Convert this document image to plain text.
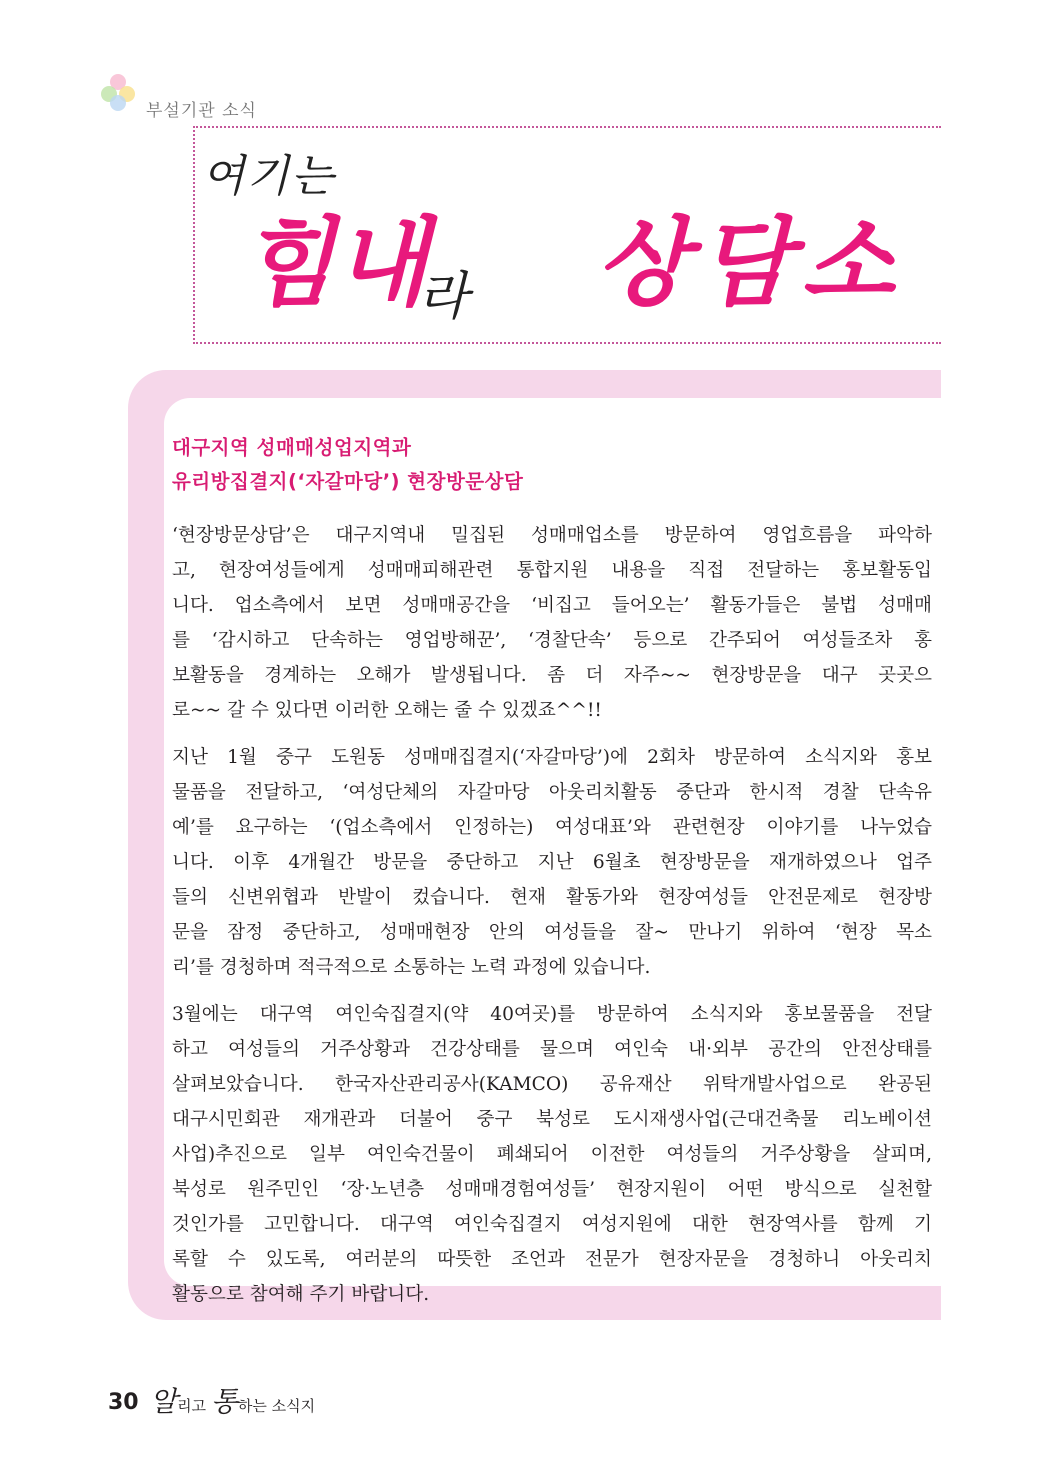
부설기관 소식
여기는
힘내
라 상담소
대구지역 성매매성업지역과
유리방집결지(‘자갈마당’) 현장방문상담
‘현장방문상담’은 대구지역내 밀집된 성매매업소를 방문하여 영업흐름을 파악하
고, 현장여성들에게 성매매피해관련 통합지원 내용을 직접 전달하는 홍보활동입
니다. 업소측에서 보면 성매매공간을 ‘비집고 들어오는’ 활동가들은 불법 성매매
를 ‘감시하고 단속하는 영업방해꾼’, ‘경찰단속’ 등으로 간주되어 여성들조차 홍
보활동을 경계하는 오해가 발생됩니다. 좀 더 자주~~ 현장방문을 대구 곳곳으
로~~ 갈 수 있다면 이러한 오해는 줄 수 있겠죠^^!!
지난 1월 중구 도원동 성매매집결지(‘자갈마당’)에 2회차 방문하여 소식지와 홍보
물품을 전달하고, ‘여성단체의 자갈마당 아웃리치활동 중단과 한시적 경찰 단속유
예’를 요구하는 ‘(업소측에서 인정하는) 여성대표’와 관련현장 이야기를 나누었습
니다. 이후 4개월간 방문을 중단하고 지난 6월초 현장방문을 재개하였으나 업주
들의 신변위협과 반발이 컸습니다. 현재 활동가와 현장여성들 안전문제로 현장방
문을 잠정 중단하고, 성매매현장 안의 여성들을 잘~ 만나기 위하여 ‘현장 목소
리’를 경청하며 적극적으로 소통하는 노력 과정에 있습니다.
3월에는 대구역 여인숙집결지(약 40여곳)를 방문하여 소식지와 홍보물품을 전달
하고 여성들의 거주상황과 건강상태를 물으며 여인숙 내·외부 공간의 안전상태를
살펴보았습니다. 한국자산관리공사(KAMCO) 공유재산 위탁개발사업으로 완공된
대구시민회관 재개관과 더불어 중구 북성로 도시재생사업(근대건축물 리노베이션
사업)추진으로 일부 여인숙건물이 폐쇄되어 이전한 여성들의 거주상황을 살피며,
북성로 원주민인 ‘장·노년층 성매매경험여성들’ 현장지원이 어떤 방식으로 실천할
것인가를 고민합니다. 대구역 여인숙집결지 여성지원에 대한 현장역사를 함께 기
록할 수 있도록, 여러분의 따뜻한 조언과 전문가 현장자문을 경청하니 아웃리치
활동으로 참여해 주기 바랍니다.
30 알리고 통하는 소식지
